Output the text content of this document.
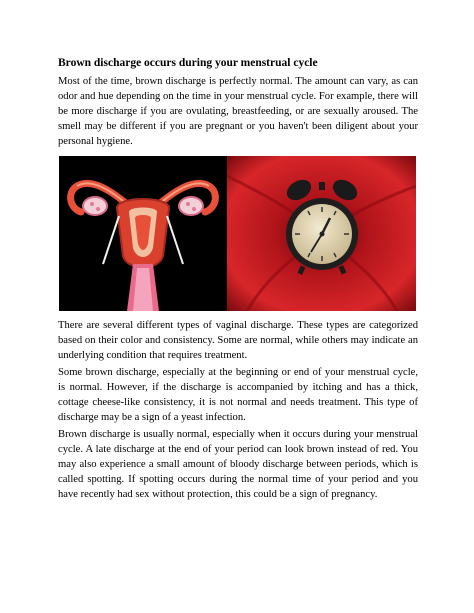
Brown discharge occurs during your menstrual cycle

Most of the time, brown discharge is perfectly normal. The amount can vary, as can odor and hue depending on the time in your menstrual cycle. For example, there will be more discharge if you are ovulating, breastfeeding, or are sexually aroused. The smell may be different if you are pregnant or you haven't been diligent about your personal hygiene.

There are several different types of vaginal discharge. These types are categorized based on their color and consistency. Some are normal, while others may indicate an underlying condition that requires treatment.

Some brown discharge, especially at the beginning or end of your menstrual cycle, is normal. However, if the discharge is accompanied by itching and has a thick, cottage cheese-like consistency, it is not normal and needs treatment. This type of discharge may be a sign of a yeast infection.

Brown discharge is usually normal, especially when it occurs during your menstrual cycle. A late discharge at the end of your period can look brown instead of red. You may also experience a small amount of bloody discharge between periods, which is called spotting. If spotting occurs during the normal time of your period and you have recently had sex without protection, this could be a sign of pregnancy.
